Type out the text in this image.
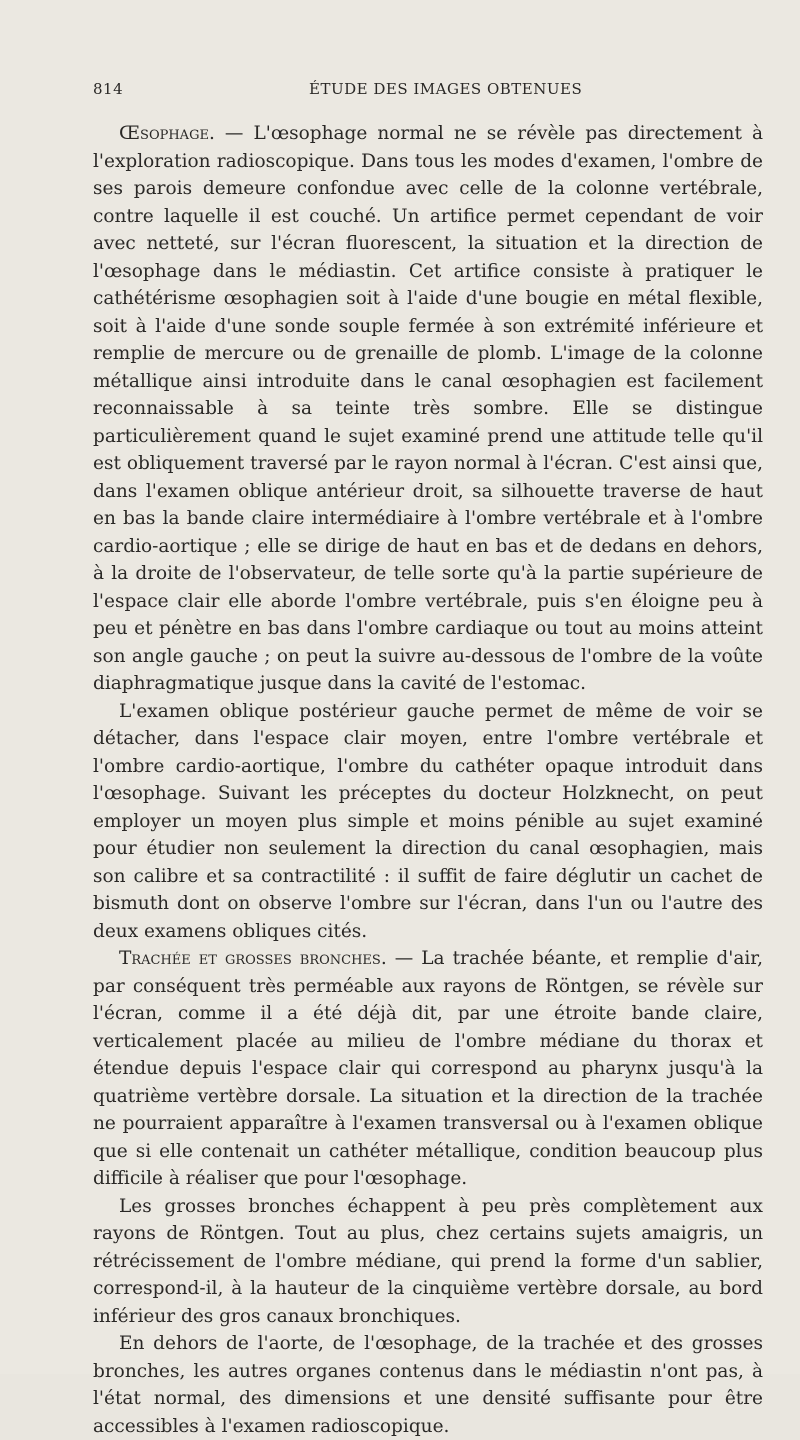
814	ÉTUDE DES IMAGES OBTENUES

Œsophage. — L'œsophage normal ne se révèle pas directement à l'exploration radioscopique. Dans tous les modes d'examen, l'ombre de ses parois demeure confondue avec celle de la colonne vertébrale, contre laquelle il est couché. Un artifice permet cependant de voir avec netteté, sur l'écran fluorescent, la situation et la direction de l'œsophage dans le médiastin. Cet artifice consiste à pratiquer le cathétérisme œsophagien soit à l'aide d'une bougie en métal flexible, soit à l'aide d'une sonde souple fermée à son extrémité inférieure et remplie de mercure ou de grenaille de plomb. L'image de la colonne métallique ainsi introduite dans le canal œsophagien est facilement reconnaissable à sa teinte très sombre. Elle se distingue particulièrement quand le sujet examiné prend une attitude telle qu'il est obliquement traversé par le rayon normal à l'écran. C'est ainsi que, dans l'examen oblique antérieur droit, sa silhouette traverse de haut en bas la bande claire intermédiaire à l'ombre vertébrale et à l'ombre cardio-aortique ; elle se dirige de haut en bas et de dedans en dehors, à la droite de l'observateur, de telle sorte qu'à la partie supérieure de l'espace clair elle aborde l'ombre vertébrale, puis s'en éloigne peu à peu et pénètre en bas dans l'ombre cardiaque ou tout au moins atteint son angle gauche ; on peut la suivre au-dessous de l'ombre de la voûte diaphragmatique jusque dans la cavité de l'estomac.

L'examen oblique postérieur gauche permet de même de voir se détacher, dans l'espace clair moyen, entre l'ombre vertébrale et l'ombre cardio-aortique, l'ombre du cathéter opaque introduit dans l'œsophage. Suivant les préceptes du docteur Holzknecht, on peut employer un moyen plus simple et moins pénible au sujet examiné pour étudier non seulement la direction du canal œsophagien, mais son calibre et sa contractilité : il suffit de faire déglutir un cachet de bismuth dont on observe l'ombre sur l'écran, dans l'un ou l'autre des deux examens obliques cités.

Trachée et grosses bronches. — La trachée béante, et remplie d'air, par conséquent très perméable aux rayons de Röntgen, se révèle sur l'écran, comme il a été déjà dit, par une étroite bande claire, verticalement placée au milieu de l'ombre médiane du thorax et étendue depuis l'espace clair qui correspond au pharynx jusqu'à la quatrième vertèbre dorsale. La situation et la direction de la trachée ne pourraient apparaître à l'examen transversal ou à l'examen oblique que si elle contenait un cathéter métallique, condition beaucoup plus difficile à réaliser que pour l'œsophage.

Les grosses bronches échappent à peu près complètement aux rayons de Röntgen. Tout au plus, chez certains sujets amaigris, un rétrécissement de l'ombre médiane, qui prend la forme d'un sablier, correspond-il, à la hauteur de la cinquième vertèbre dorsale, au bord inférieur des gros canaux bronchiques.

En dehors de l'aorte, de l'œsophage, de la trachée et des grosses bronches, les autres organes contenus dans le médiastin n'ont pas, à l'état normal, des dimensions et une densité suffisante pour être accessibles à l'examen radioscopique.
